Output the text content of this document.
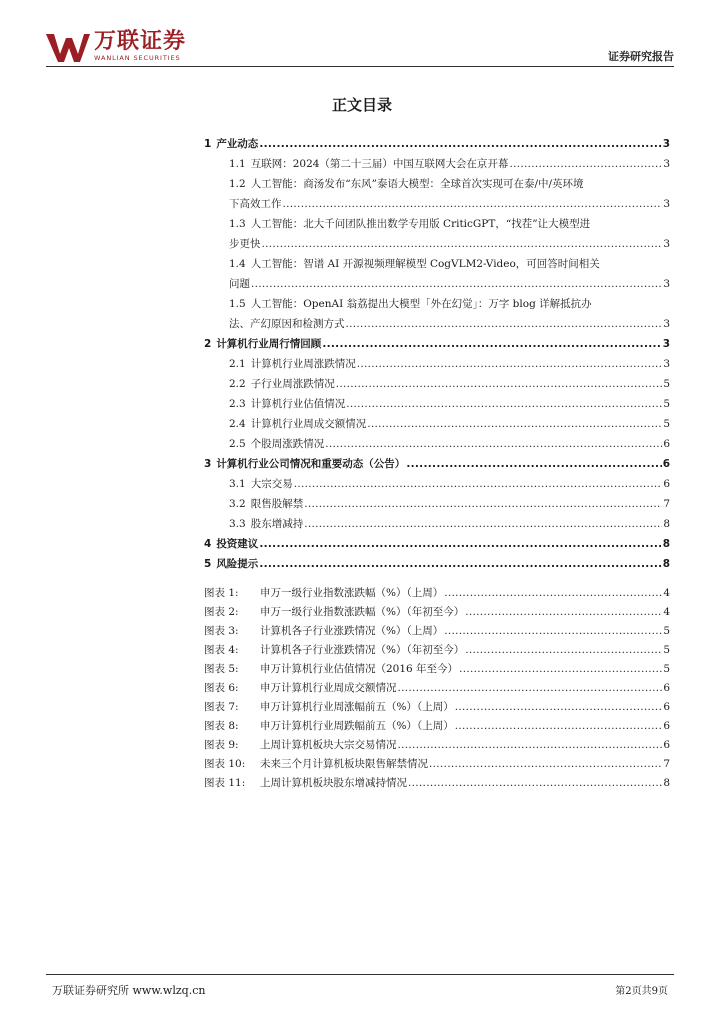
万联证券
WANLIAN SECURITIES	证券研究报告
正文目录
1 产业动态 .....	3
1.1 互联网：2024（第二十三届）中国互联网大会在京开幕 .....	3
1.2 人工智能：商汤发布“东风”泰语大模型：全球首次实现可在泰/中/英环境
下高效工作 .....	3
1.3 人工智能：北大千问团队推出数学专用版 CriticGPT，“找茬”让大模型进
步更快 .....	3
1.4 人工智能：智谱 AI 开源视频理解模型 CogVLM2-Video，可回答时间相关
问题 .....	3
1.5 人工智能：OpenAI 翁荔提出大模型「外在幻觉」：万字 blog 详解抵抗办
法、产幻原因和检测方式 .....	3
2 计算机行业周行情回顾 .....	3
2.1 计算机行业周涨跌情况 .....	3
2.2 子行业周涨跌情况 .....	5
2.3 计算机行业估值情况 .....	5
2.4 计算机行业周成交额情况 .....	5
2.5 个股周涨跌情况 .....	6
3 计算机行业公司情况和重要动态（公告） .....	6
3.1 大宗交易 .....	6
3.2 限售股解禁 .....	7
3.3 股东增减持 .....	8
4 投资建议 .....	8
5 风险提示 .....	8
图表 1:	申万一级行业指数涨跌幅（%）（上周） .....	4
图表 2:	申万一级行业指数涨跌幅（%）（年初至今） .....	4
图表 3:	计算机各子行业涨跌情况（%）（上周） .....	5
图表 4:	计算机各子行业涨跌情况（%）（年初至今） .....	5
图表 5:	申万计算机行业估值情况（2016 年至今） .....	5
图表 6:	申万计算机行业周成交额情况 .....	6
图表 7:	申万计算机行业周涨幅前五（%）（上周） .....	6
图表 8:	申万计算机行业周跌幅前五（%）（上周） .....	6
图表 9:	上周计算机板块大宗交易情况 .....	6
图表 10:	未来三个月计算机板块限售解禁情况 .....	7
图表 11:	上周计算机板块股东增减持情况 .....	8
万联证券研究所 www.wlzq.cn	第2页共9页
